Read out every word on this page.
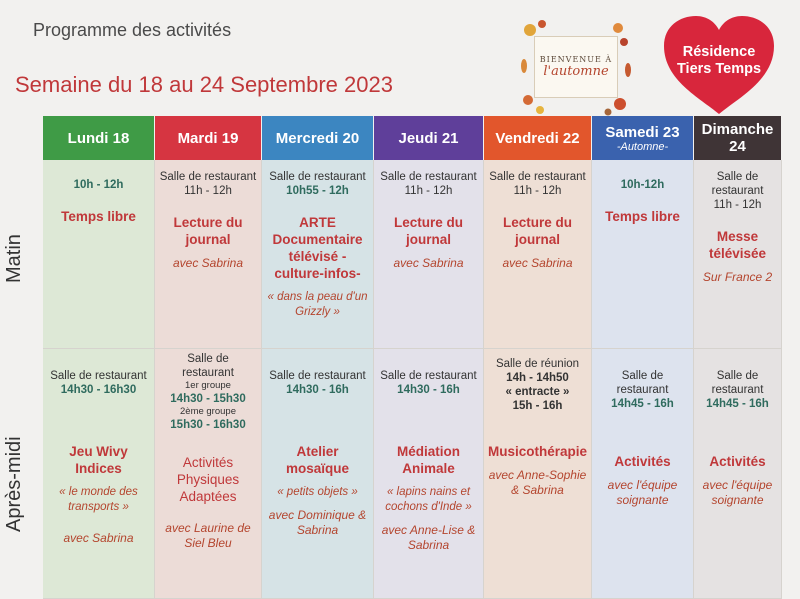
Programme des activités
Semaine du 18 au 24 Septembre 2023
BIENVENUE À
l'automne
Résidence
Tiers Temps
Matin
Après-midi
Lundi 18	Mardi 19 Mercredi 20	Jeudi 21 Vendredi 22 Samedi 23
-Automne-
Dimanche 24
10h - 12h
Temps libre
Salle de restaurant
11h - 12h
Lecture du journal
avec Sabrina
Salle de restaurant
10h55 - 12h
ARTE Documentaire télévisé -culture-infos-
« dans la peau d'un Grizzly »
Salle de restaurant
11h - 12h
Lecture du journal
avec Sabrina
Salle de restaurant
11h - 12h
Lecture du journal
avec Sabrina
10h-12h
Temps libre
Salle de restaurant
11h - 12h
Messe télévisée
Sur France 2
Salle de restaurant
14h30 - 16h30
Jeu Wivy Indices
« le monde des transports »
avec Sabrina
Salle de restaurant
1er groupe
14h30 - 15h30
2ème groupe
15h30 - 16h30
Activités Physiques Adaptées
avec Laurine de Siel Bleu
Salle de restaurant
14h30 - 16h
Atelier mosaïque
« petits objets »
avec Dominique & Sabrina
Salle de restaurant
14h30 - 16h
Médiation Animale
« lapins nains et cochons d'Inde »
avec Anne-Lise & Sabrina
Salle de réunion
14h - 14h50
« entracte »
15h - 16h
Musicothérapie
avec Anne-Sophie & Sabrina
Salle de restaurant
14h45 - 16h
Activités
avec l'équipe soignante
Salle de restaurant
14h45 - 16h
Activités
avec l'équipe soignante
